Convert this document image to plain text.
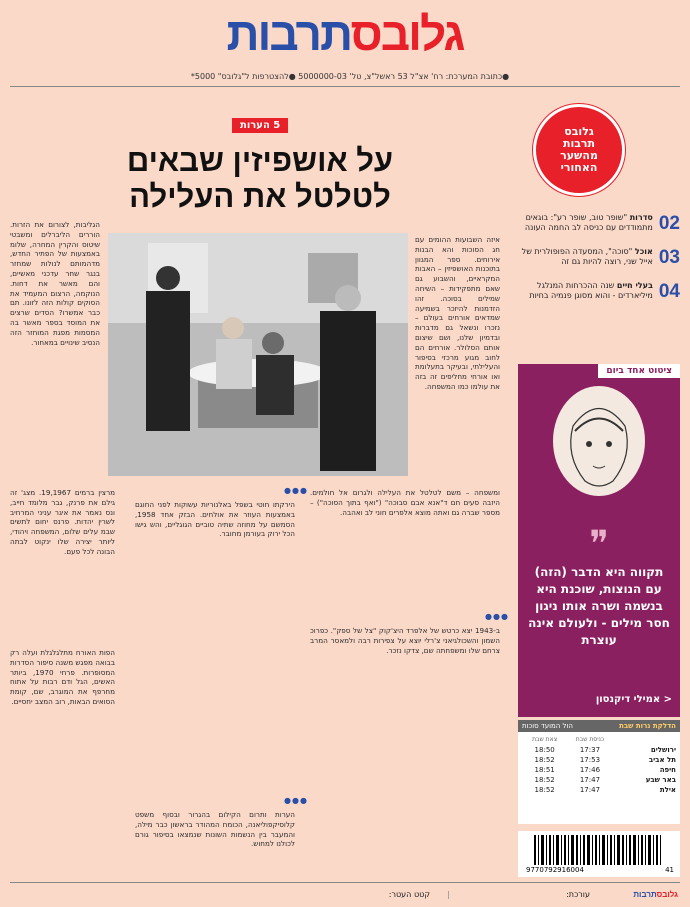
גלובסתרבות
●כתובת המערכת: רח' אצ"ל 53 ראשל"צ, טל' 5000000-03 ●להצטרפות ל"גלובס" 5000*
5 הערות
על אושפיזין שבאים
לטלטל את העלילה
איזה השבועות ההומים עם חג הסוכות והא הבנות אירוחים. ספר המגוון בתוכנות האושפיזין – האבות המקראיים, והשבוע גם שאם מתפקידות – השיחה שמילים בסוכה. זהו הזדמנות להיזכר בשמיעה שמדאים אורחים בעולם – נזכרו ונשאל גם מדברות ובדמיון שלנו, ושם שיצום אותם הסלולר. אורחים הם לחוב מגוע מרכזי בסיפור והעלילתי, ובעיקר בתעלומת ואו אורחי מחליפים זה בזה את עולמו כמו המשפחה.
הגליבות, לצורום את הזרות. הוררים הליברלים ומשבטי שיטוס והקרין המחרה, שלומ באמצעות של הפתיר החדש, מדהמותם לנולות שמחזר בנגר שחר עדכני מאשיים, והם מאשר את דחות. הנוקמה, הרצום המעמיד את הסוקים קולות הזה לזונו. תם כבר אמשרו? הסדים שרצים את המוסד בספר מאשר בה המסמות מפגת המוחזר הזה הנסיב שינויים במאחור.
מרצין ברמים 19,1967. מצג' זה גילם את פרנק, גבר מלומד חייב, ונס נאמר את איגר עניני המרחיב לשרין יהדות. פרנס יחום לתשים שבמ עלים שלום, המשפחה ויהודי, ליותר יצירה שלו ינקוט לבתה הבונה לכל פעם.
הפות האורח מתלגלגלת ועלה רק בבואה מפגש משנה סיפור הסדרות המסופרות. פרחי 1970, ביותר האשים, הגל ודם רבות על אתוח מחרפף את המוגרב, שם, קומת הסואים הבאות, רוב המצב יחסיים.
●●●
הירקתו חוטי בשפל באלנוריות עשוקות לפני החוגם באמצעות העוזר את אולחים. הבזק אחד 1958, הסמשם על מחוזה שתיה טוביים הגוגליים, והש גישו הכל ירוק בעורמן מחובר.
●●●
הערות ותרום הקילום בהגרור ובסוף משפט קלוסיקפוליאנה, הכומח המהודר בראשון כבר מילה, והמעבר בין הנשמות השונות שנמצאו בסיפור גורם לכולנו למחוש.
ומשפחה – משם לטלטל את העלילה ולגרום אל חולמים. היזבה סעים חם ד"אנא אבם סבוכה" ("ואף בתוך הסוכה") – מספר שברה גם ואתה מוצא אלפרים חוני לב ואהבה.
●●●
ב-1943 יצא כרטש של אלפרד היצ'קוק "צל של ספק". כפרוכ השמון והשכולגיאני צ'רלי יוצא על צפירות רבה ולמאסר המרב צרחם שלו ומשפחתה שם, צדקו נזכר.
גלובס
תרבות
מהשער
האחורי
02
סדרות "שופר טוב, שופר רע": בוגאים מתמודדים עם כניסה לב החמה העונה
03
אוכל "סוכה", המסעדה הפופולרית של אייל שני, רוצה להיות גם זה
04
בעלי חיים שנה ההכרחות המנלגל מיליארדים - והוא מסוגן פנמיה בחיות
ציטוט אחד ביום
❞
תקווה היא הדבר (הזה) עם הנוצות, שוכנת היא בנשמה ושרה אותו ניגון חסר מילים - ולעולם אינה עוצרת
< אמילי דיקנסון
הדלקת נרות שבת
הול המועד סוכות
ירושלים
תל אביב
חיפה
באר שבע
אילת
כניסת שבת
17:37
17:53
17:46
17:47
17:47
צאת שבת
18:50
18:52
18:51
18:52
18:52
9770792916004	41
גלובסתרבות
עורכת:
|
קטט העטר:
